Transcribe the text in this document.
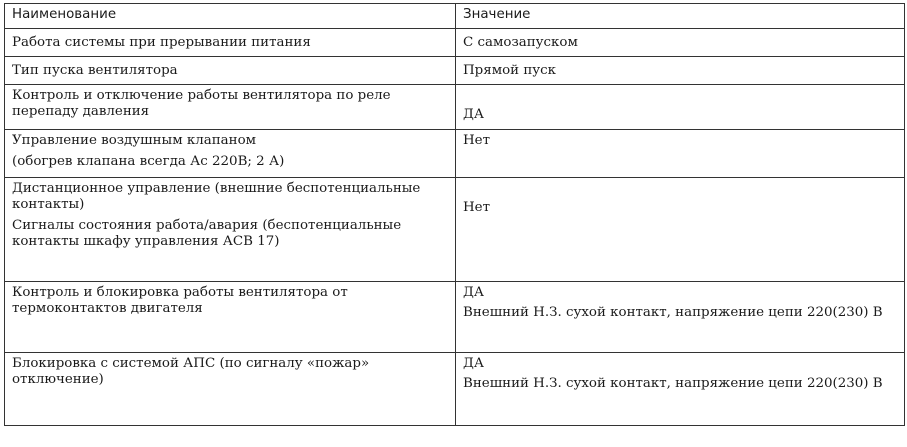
Наименование	Значение

Работа системы при прерывании питания	С самозапуском

Тип пуска вентилятора	Прямой пуск

Контроль и отключение работы вентилятора по реле перепаду давления	ДА

Управление воздушным клапаном
(обогрев клапана всегда Ас 220В; 2 А)	Нет

Дистанционное управление (внешние беспотенциальные контакты)
Сигналы состояния работа/авария (беспотенциальные контакты шкафу управления АСВ 17)	Нет

Контроль и блокировка работы вентилятора от термоконтактов двигателя	ДА
Внешний Н.З. сухой контакт, напряжение цепи 220(230) В

Блокировка с системой АПС (по сигналу «пожар» отключение)	ДА
Внешний Н.З. сухой контакт, напряжение цепи 220(230) В
